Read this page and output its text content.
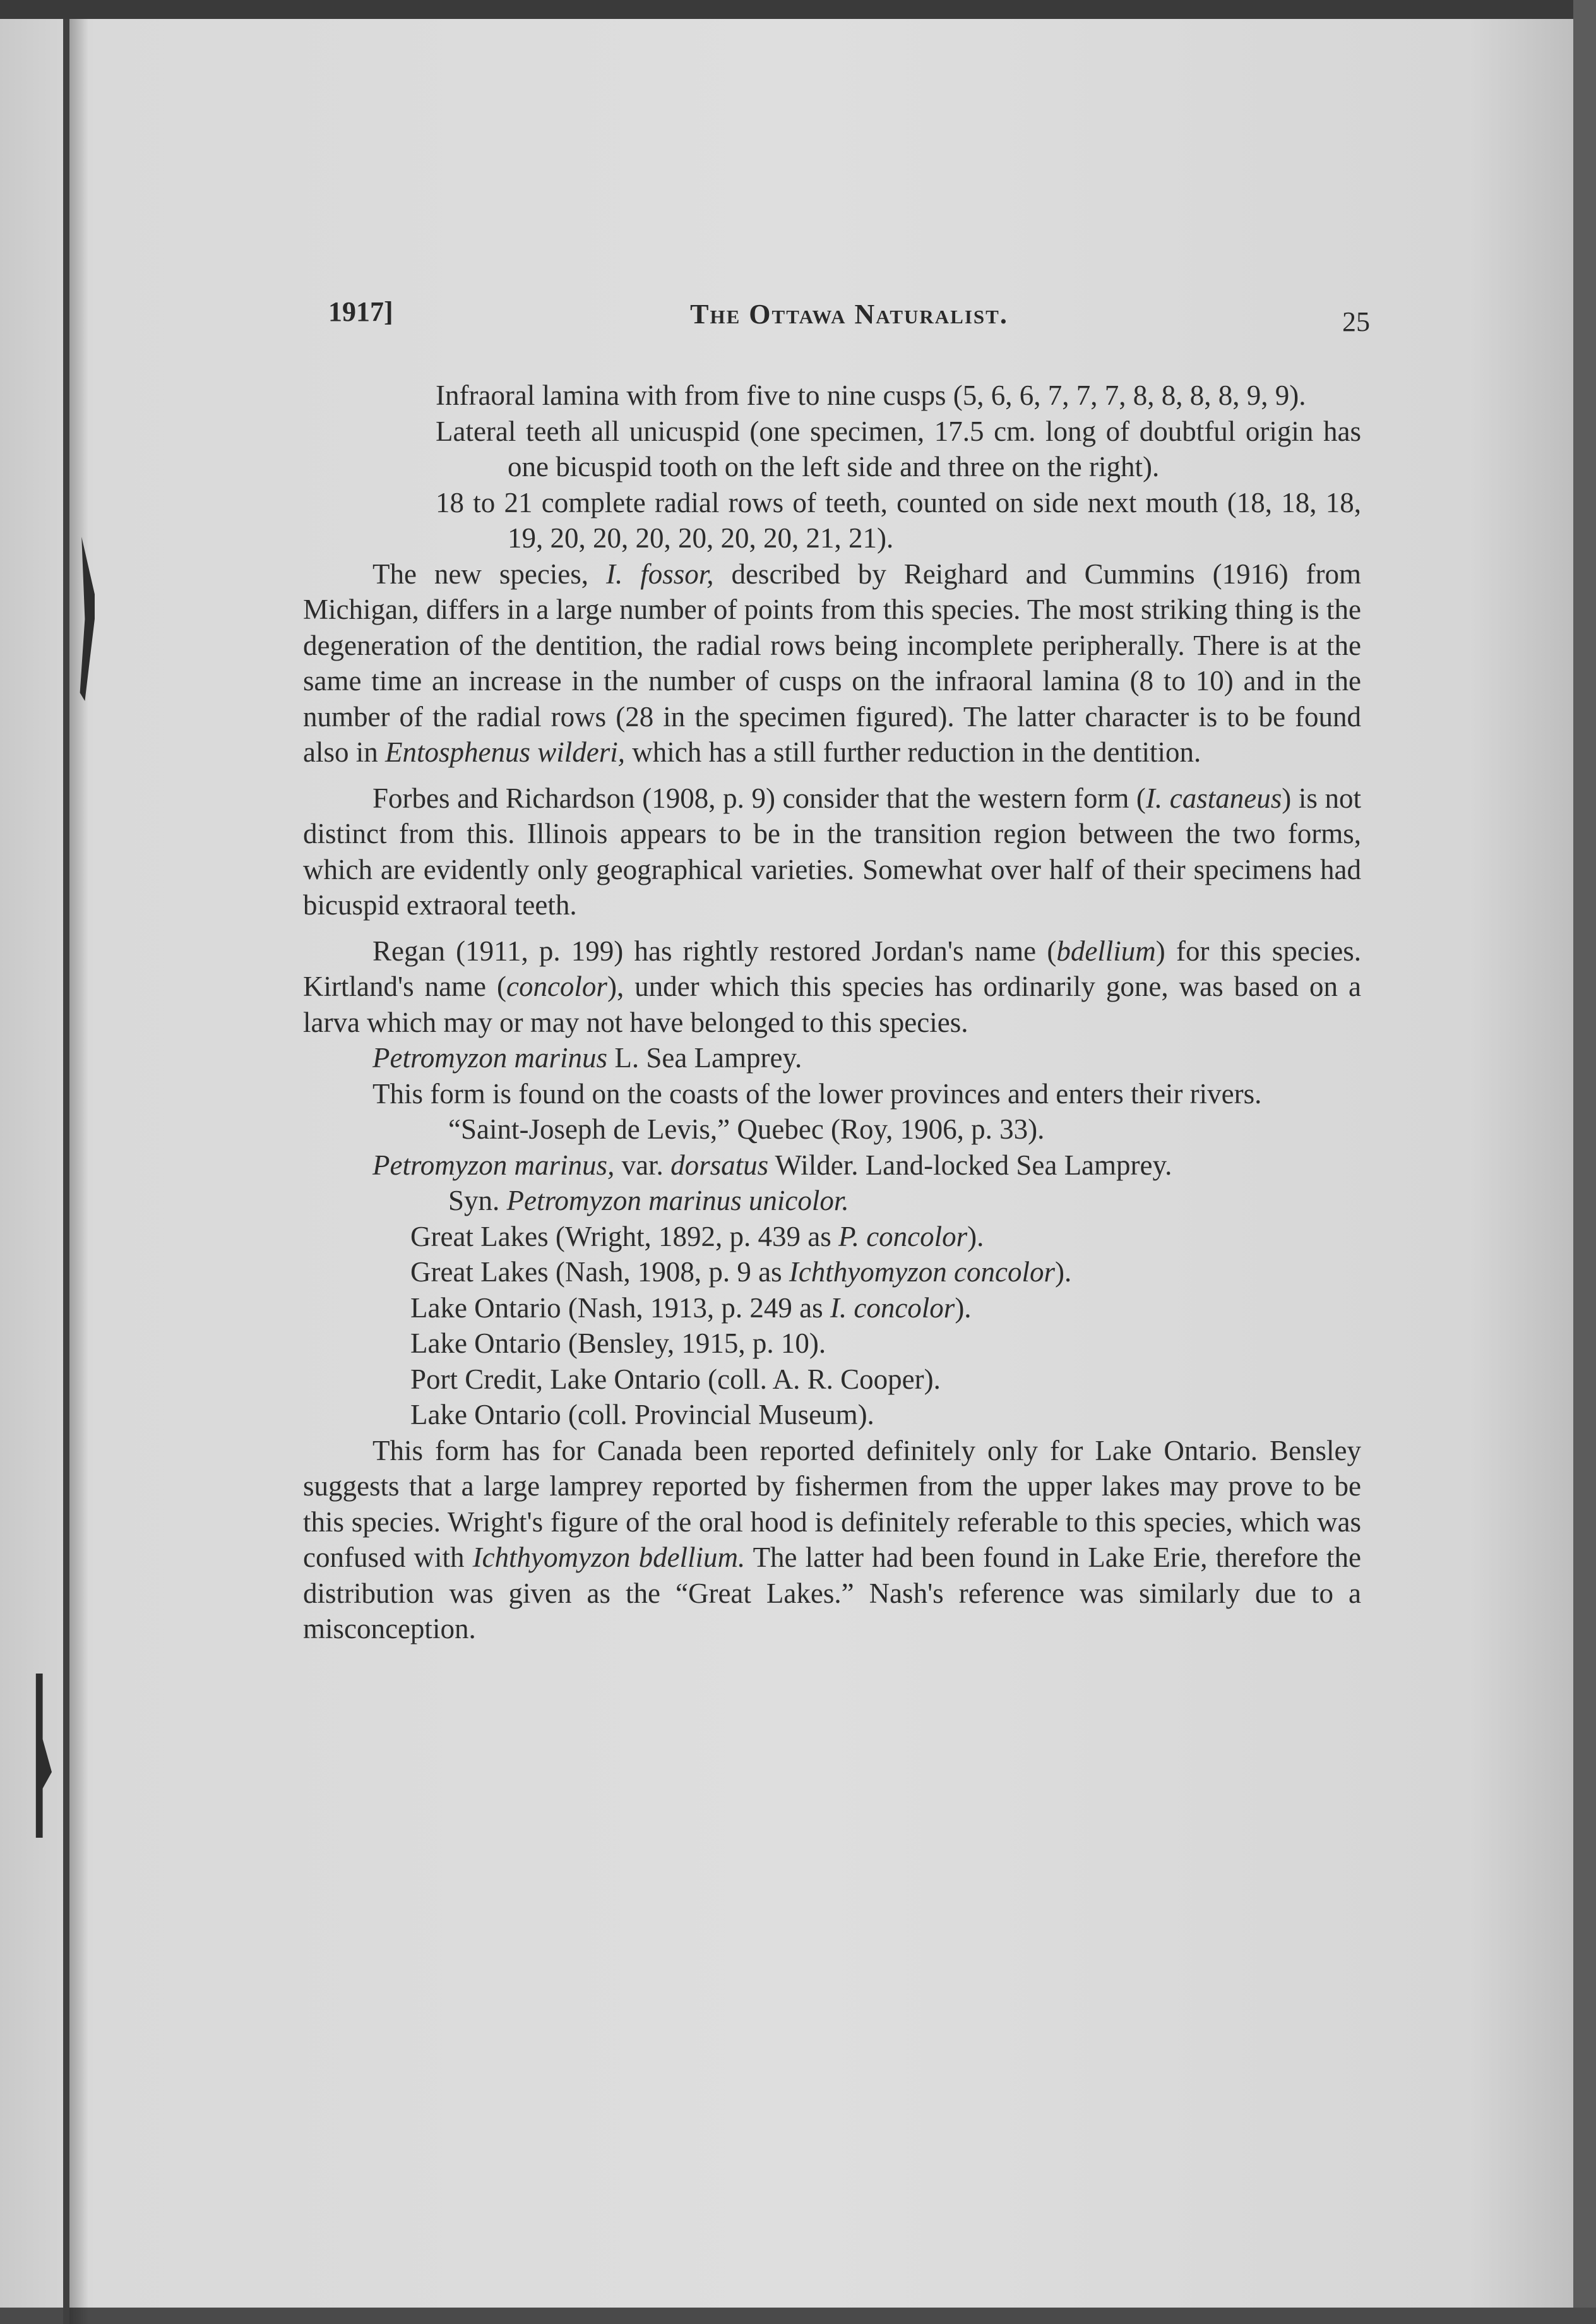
1917]	The Ottawa Naturalist.	25

Infraoral lamina with from five to nine cusps (5, 6, 6, 7, 7, 7, 8, 8, 8, 8, 9, 9).

Lateral teeth all unicuspid (one specimen, 17.5 cm. long of doubtful origin has one bicuspid tooth on the left side and three on the right).

18 to 21 complete radial rows of teeth, counted on side next mouth (18, 18, 18, 19, 20, 20, 20, 20, 20, 20, 21, 21).

The new species, I. fossor, described by Reighard and Cummins (1916) from Michigan, differs in a large number of points from this species. The most striking thing is the degeneration of the dentition, the radial rows being incomplete peripherally. There is at the same time an increase in the number of cusps on the infraoral lamina (8 to 10) and in the number of the radial rows (28 in the specimen figured). The latter character is to be found also in Entosphenus wilderi, which has a still further reduction in the dentition.

Forbes and Richardson (1908, p. 9) consider that the western form (I. castaneus) is not distinct from this. Illinois appears to be in the transition region between the two forms, which are evidently only geographical varieties. Somewhat over half of their specimens had bicuspid extraoral teeth.

Regan (1911, p. 199) has rightly restored Jordan's name (bdellium) for this species. Kirtland's name (concolor), under which this species has ordinarily gone, was based on a larva which may or may not have belonged to this species.

Petromyzon marinus L. Sea Lamprey.

This form is found on the coasts of the lower provinces and enters their rivers.

“Saint-Joseph de Levis,” Quebec (Roy, 1906, p. 33).

Petromyzon marinus, var. dorsatus Wilder. Land-locked Sea Lamprey.

Syn. Petromyzon marinus unicolor.

Great Lakes (Wright, 1892, p. 439 as P. concolor).

Great Lakes (Nash, 1908, p. 9 as Ichthyomyzon concolor).

Lake Ontario (Nash, 1913, p. 249 as I. concolor).

Lake Ontario (Bensley, 1915, p. 10).

Port Credit, Lake Ontario (coll. A. R. Cooper).

Lake Ontario (coll. Provincial Museum).

This form has for Canada been reported definitely only for Lake Ontario. Bensley suggests that a large lamprey reported by fishermen from the upper lakes may prove to be this species. Wright's figure of the oral hood is definitely referable to this species, which was confused with Ichthyomyzon bdellium. The latter had been found in Lake Erie, therefore the distribution was given as the “Great Lakes.” Nash's reference was similarly due to a misconception.
